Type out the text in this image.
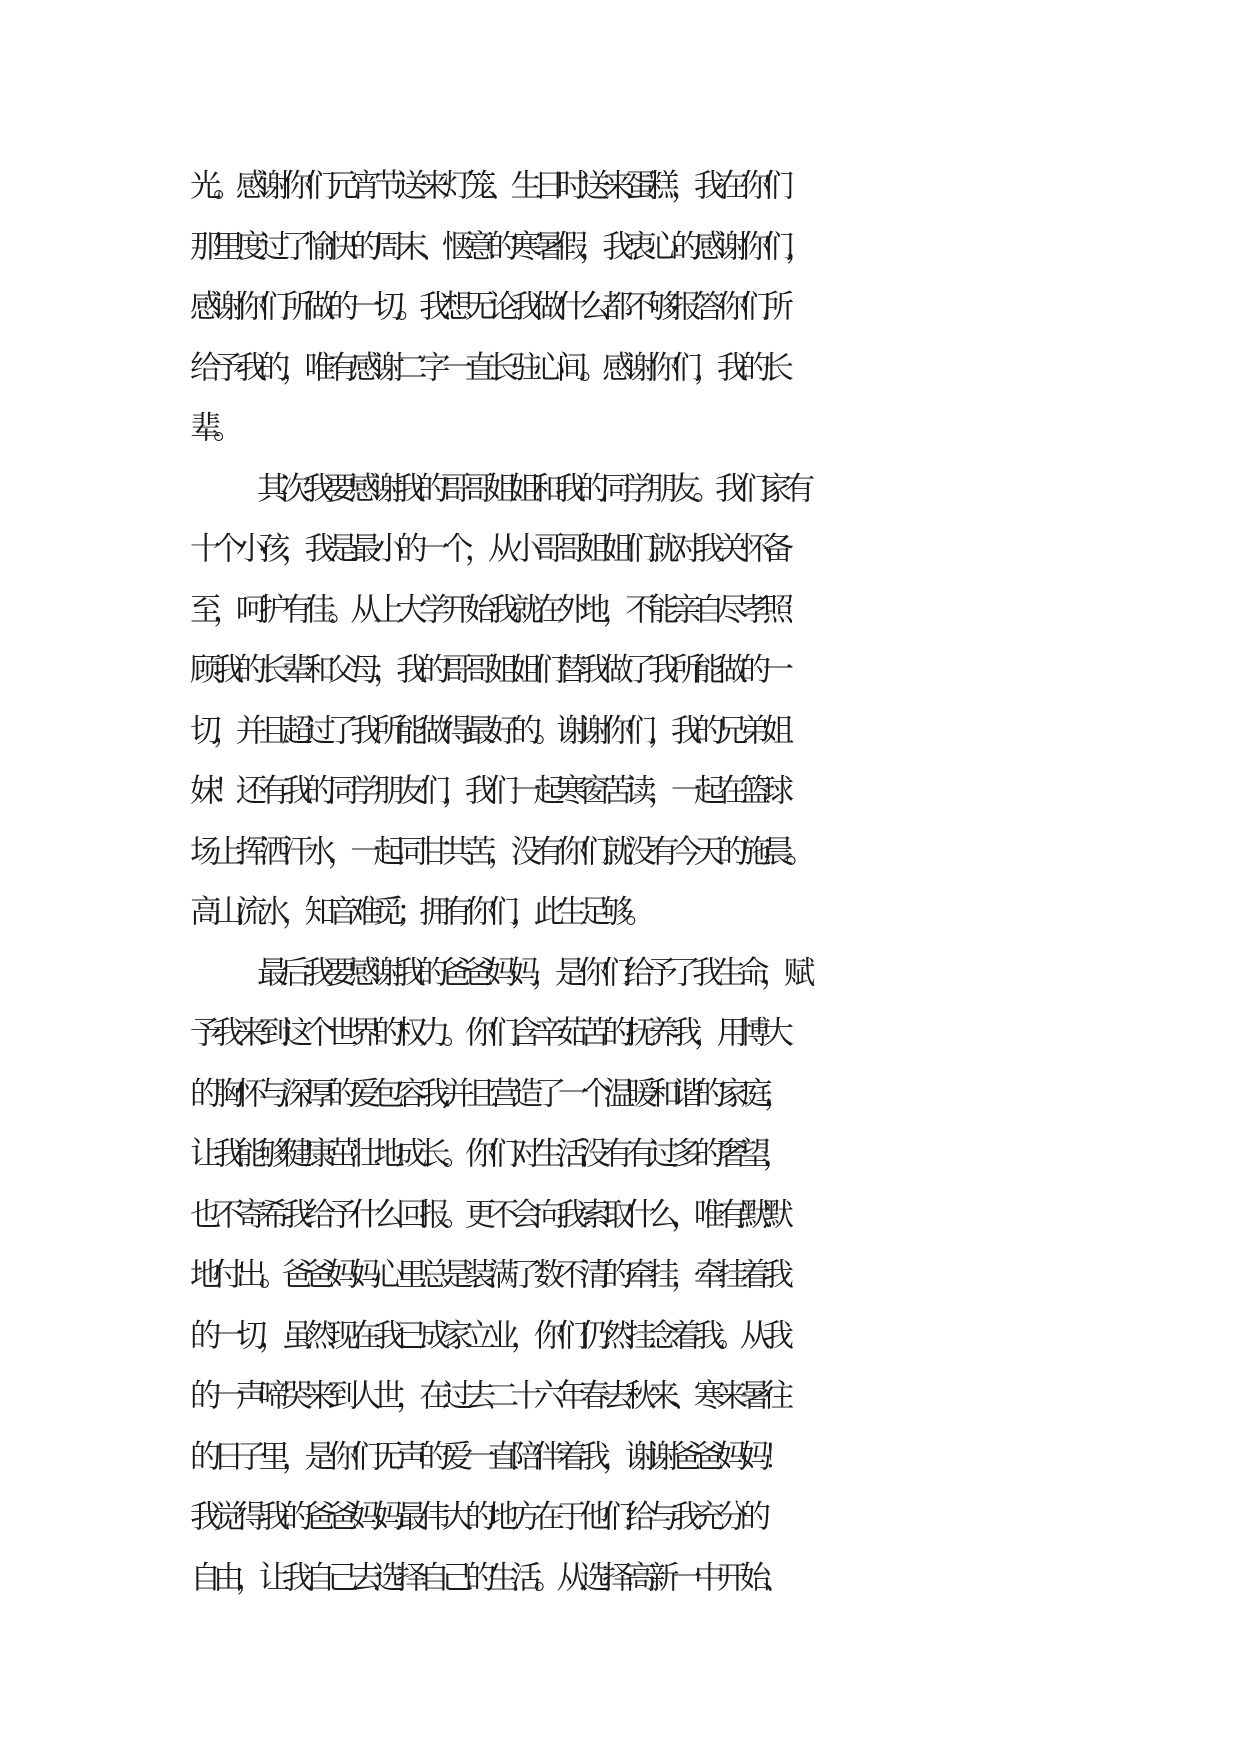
光。感谢你们元宵节送来灯笼、生日时送来蛋糕，我在你们
那里度过了愉快的周末、惬意的寒暑假，我衷心的感谢你们，
感谢你们所做的一切。我想无论我做什么都不够报答你们所
给予我的，唯有感谢二字一直长驻心间。感谢你们，我的长
辈。
其次我要感谢我的哥哥姐姐和我的同学朋友。我们家有
十个小孩，我是最小的一个，从小哥哥姐姐们就对我关怀备
至，呵护有佳。从上大学开始我就在外地，不能亲自尽孝照
顾我的长辈和父母，我的哥哥姐姐们替我做了我所能做的一
切，并且超过了我所能做得最好的。谢谢你们，我的兄弟姐
妹！还有我的同学朋友们，我们一起寒窗苦读，一起在篮球
场上挥洒汗水，一起同甘共苦，没有你们就没有今天的施晨。
高山流水，知音难觅；拥有你们，此生足够。
最后我要感谢我的爸爸妈妈，是你们给予了我生命，赋
予我来到这个世界的权力。你们含辛茹苦的抚养我，用博大
的胸怀与深厚的爱包容我,并且营造了一个温暖和谐的家庭，
让我能够健康茁壮地成长。你们对生活没有有过多的奢望，
也不寄希我给予什么回报。更不会向我索取什么，唯有默默
地付出。爸爸妈妈心里总是装满了数不清的牵挂，牵挂着我
的一切，虽然现在我已成家立业，你们仍然挂念着我。从我
的一声啼哭来到人世，在过去二十六年春去秋来、寒来暑往
的日子里，是你们无声的爱一直陪伴着我，谢谢爸爸妈妈！
我觉得我的爸爸妈妈最伟大的地方在于他们给与我充分的
自由，让我自己去选择自己的生活。从选择高新一中开始、
